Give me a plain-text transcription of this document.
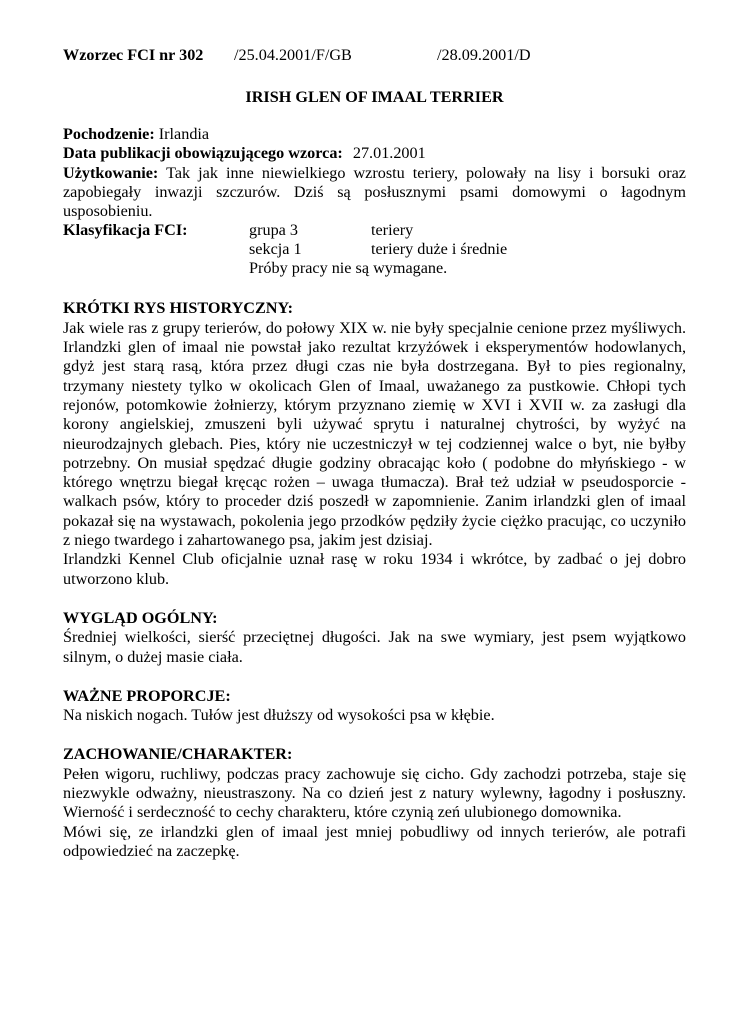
Wzorzec FCI nr 302 /25.04.2001/F/GB	/28.09.2001/D
IRISH GLEN OF IMAAL TERRIER

Pochodzenie: Irlandia

Data publikacji obowiązującego wzorca: 27.01.2001

Użytkowanie: Tak jak inne niewielkiego wzrostu teriery, polowały na lisy i borsuki oraz zapobiegały inwazji szczurów. Dziś są posłusznymi psami domowymi o łagodnym usposobieniu.

Klasyfikacja FCI:	grupa 3	teriery
sekcja 1	teriery duże i średnie
Próby pracy nie są wymagane.
KRÓTKI RYS HISTORYCZNY:

Jak wiele ras z grupy terierów, do połowy XIX w. nie były specjalnie cenione przez myśliwych. Irlandzki glen of imaal nie powstał jako rezultat krzyżówek i eksperymentów hodowlanych, gdyż jest starą rasą, która przez długi czas nie była dostrzegana. Był to pies regionalny, trzymany niestety tylko w okolicach Glen of Imaal, uważanego za pustkowie. Chłopi tych rejonów, potomkowie żołnierzy, którym przyznano ziemię w XVI i XVII w. za zasługi dla korony angielskiej, zmuszeni byli używać sprytu i naturalnej chytrości, by wyżyć na nieurodzajnych glebach. Pies, który nie uczestniczył w tej codziennej walce o byt, nie byłby potrzebny. On musiał spędzać długie godziny obracając koło ( podobne do młyńskiego - w którego wnętrzu biegał kręcąc rożen – uwaga tłumacza). Brał też udział w pseudosporcie - walkach psów, który to proceder dziś poszedł w zapomnienie. Zanim irlandzki glen of imaal pokazał się na wystawach, pokolenia jego przodków pędziły życie ciężko pracując, co uczyniło z niego twardego i zahartowanego psa, jakim jest dzisiaj.

Irlandzki Kennel Club oficjalnie uznał rasę w roku 1934 i wkrótce, by zadbać o jej dobro utworzono klub.

WYGLĄD OGÓLNY:

Średniej wielkości, sierść przeciętnej długości. Jak na swe wymiary, jest psem wyjątkowo silnym, o dużej masie ciała.

WAŻNE PROPORCJE:

Na niskich nogach. Tułów jest dłuższy od wysokości psa w kłębie.

ZACHOWANIE/CHARAKTER:

Pełen wigoru, ruchliwy, podczas pracy zachowuje się cicho. Gdy zachodzi potrzeba, staje się niezwykle odważny, nieustraszony. Na co dzień jest z natury wylewny, łagodny i posłuszny. Wierność i serdeczność to cechy charakteru, które czynią zeń ulubionego domownika.

Mówi się, ze irlandzki glen of imaal jest mniej pobudliwy od innych terierów, ale potrafi odpowiedzieć na zaczepkę.
